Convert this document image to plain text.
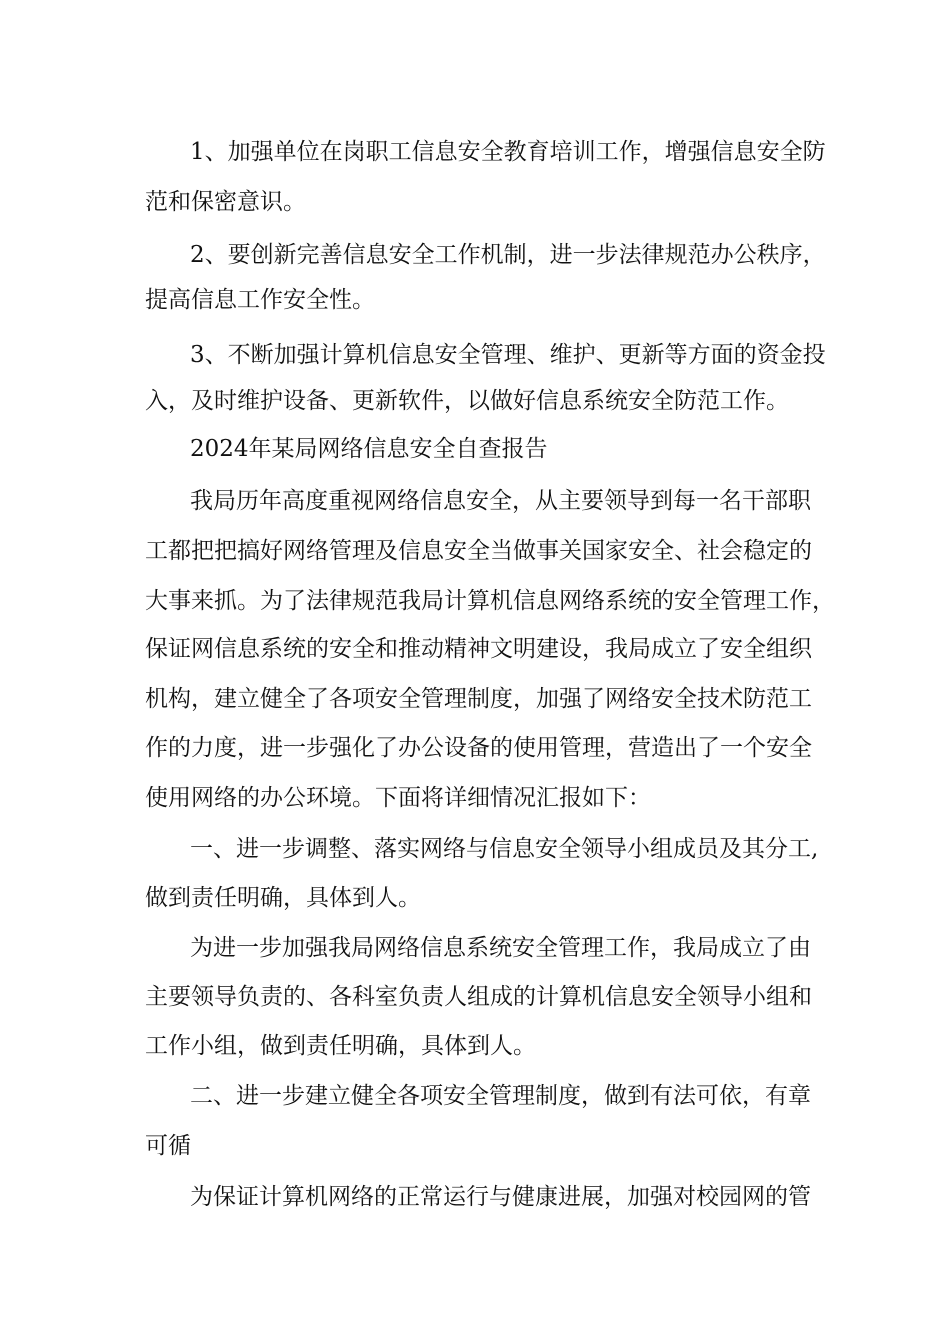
1、加强单位在岗职工信息安全教育培训工作，增强信息安全防
范和保密意识。
2、要创新完善信息安全工作机制，进一步法律规范办公秩序，
提高信息工作安全性。
3、不断加强计算机信息安全管理、维护、更新等方面的资金投
入，及时维护设备、更新软件，以做好信息系统安全防范工作。
2024年某局网络信息安全自查报告
我局历年高度重视网络信息安全，从主要领导到每一名干部职
工都把把搞好网络管理及信息安全当做事关国家安全、社会稳定的
大事来抓。为了法律规范我局计算机信息网络系统的安全管理工作，
保证网信息系统的安全和推动精神文明建设，我局成立了安全组织
机构，建立健全了各项安全管理制度，加强了网络安全技术防范工
作的力度，进一步强化了办公设备的使用管理，营造出了一个安全
使用网络的办公环境。下面将详细情况汇报如下：
一、进一步调整、落实网络与信息安全领导小组成员及其分工,
做到责任明确，具体到人。
为进一步加强我局网络信息系统安全管理工作，我局成立了由
主要领导负责的、各科室负责人组成的计算机信息安全领导小组和
工作小组，做到责任明确，具体到人。
二、进一步建立健全各项安全管理制度，做到有法可依，有章
可循
为保证计算机网络的正常运行与健康进展，加强对校园网的管
